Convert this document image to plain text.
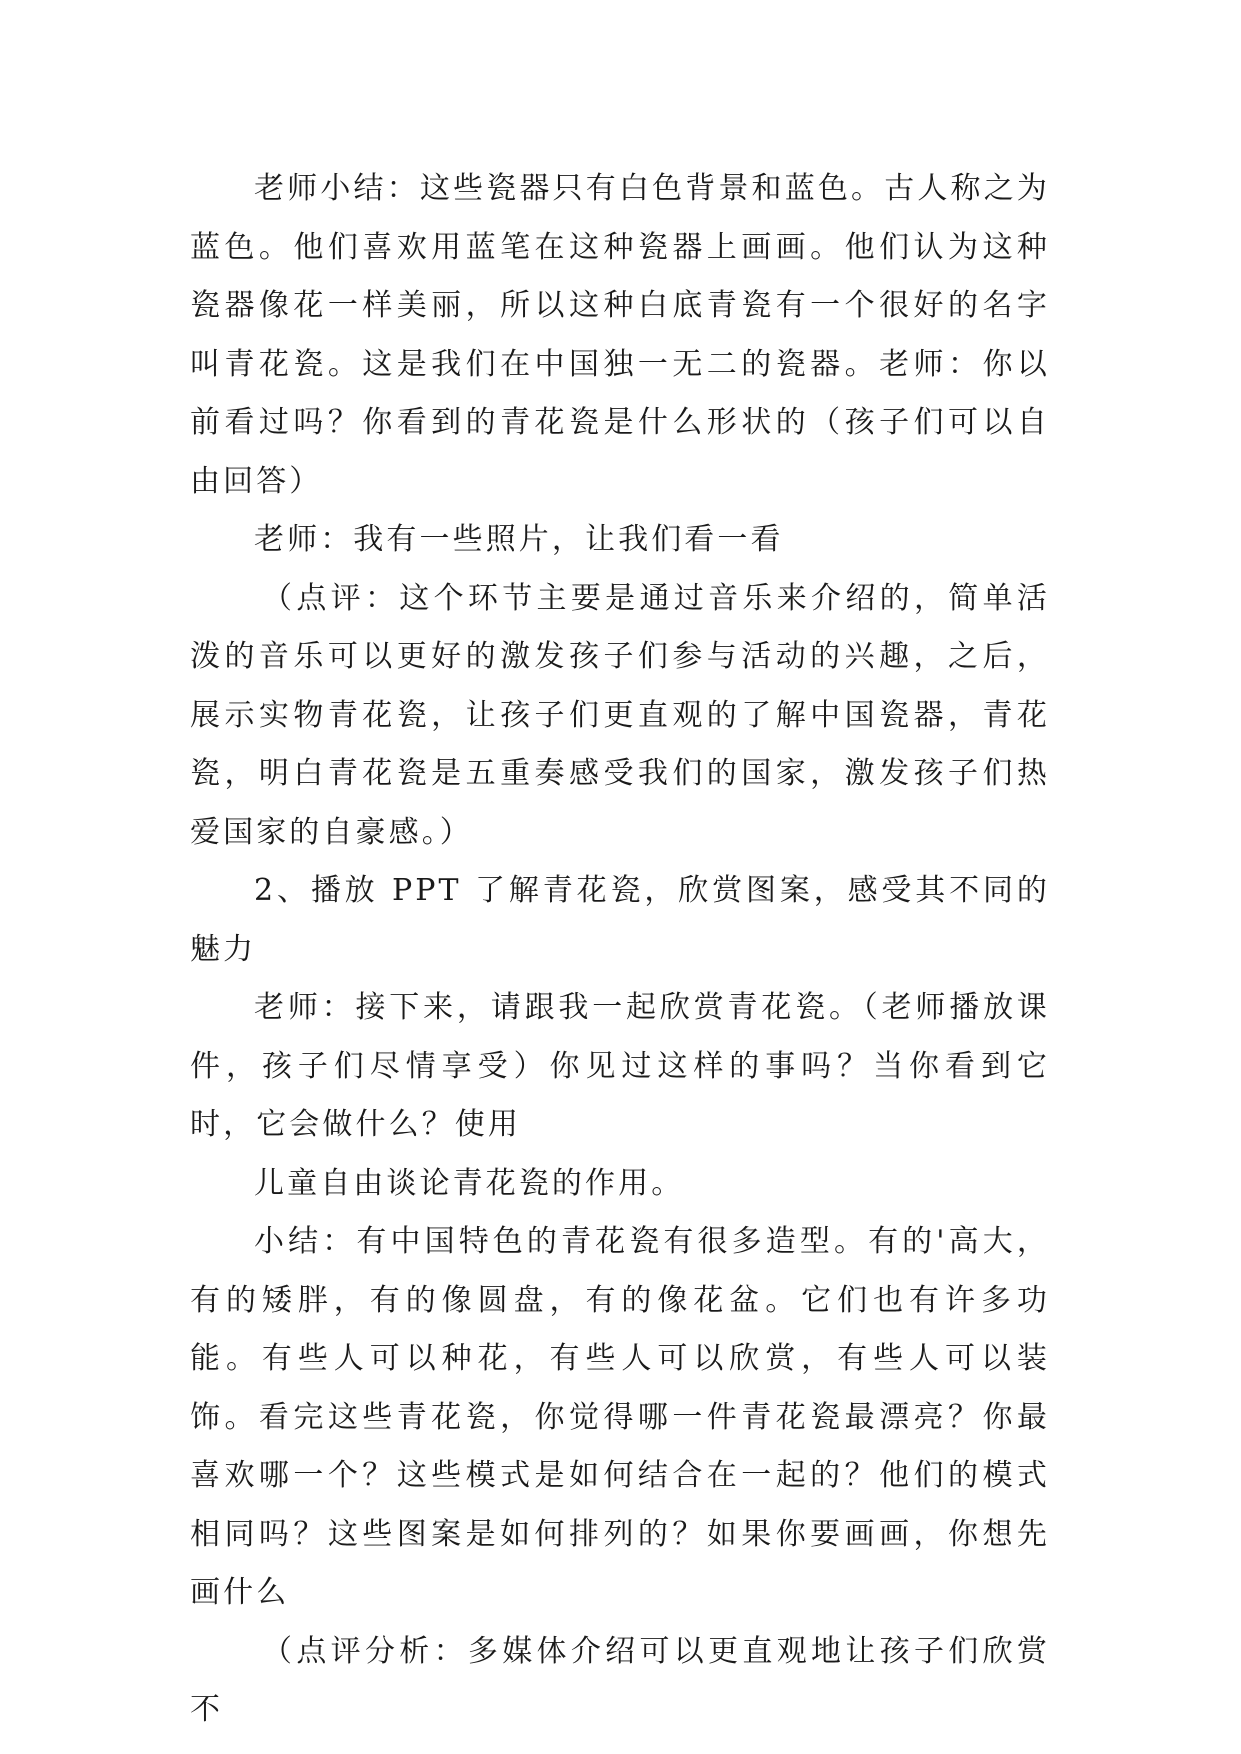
老师小结：这些瓷器只有白色背景和蓝色。古人称之为蓝色。他们喜欢用蓝笔在这种瓷器上画画。他们认为这种瓷器像花一样美丽，所以这种白底青瓷有一个很好的名字叫青花瓷。这是我们在中国独一无二的瓷器。老师：你以前看过吗？你看到的青花瓷是什么形状的（孩子们可以自由回答）

老师：我有一些照片，让我们看一看

（点评：这个环节主要是通过音乐来介绍的，简单活泼的音乐可以更好的激发孩子们参与活动的兴趣，之后，展示实物青花瓷，让孩子们更直观的了解中国瓷器，青花瓷，明白青花瓷是五重奏感受我们的国家，激发孩子们热爱国家的自豪感。）

2、播放 PPT 了解青花瓷，欣赏图案，感受其不同的魅力

老师：接下来，请跟我一起欣赏青花瓷。（老师播放课件，孩子们尽情享受）你见过这样的事吗？当你看到它时，它会做什么？使用

儿童自由谈论青花瓷的作用。

小结：有中国特色的青花瓷有很多造型。有的'高大，有的矮胖，有的像圆盘，有的像花盆。它们也有许多功能。有些人可以种花，有些人可以欣赏，有些人可以装饰。看完这些青花瓷，你觉得哪一件青花瓷最漂亮？你最喜欢哪一个？这些模式是如何结合在一起的？他们的模式相同吗？这些图案是如何排列的？如果你要画画，你想先画什么

（点评分析：多媒体介绍可以更直观地让孩子们欣赏不
